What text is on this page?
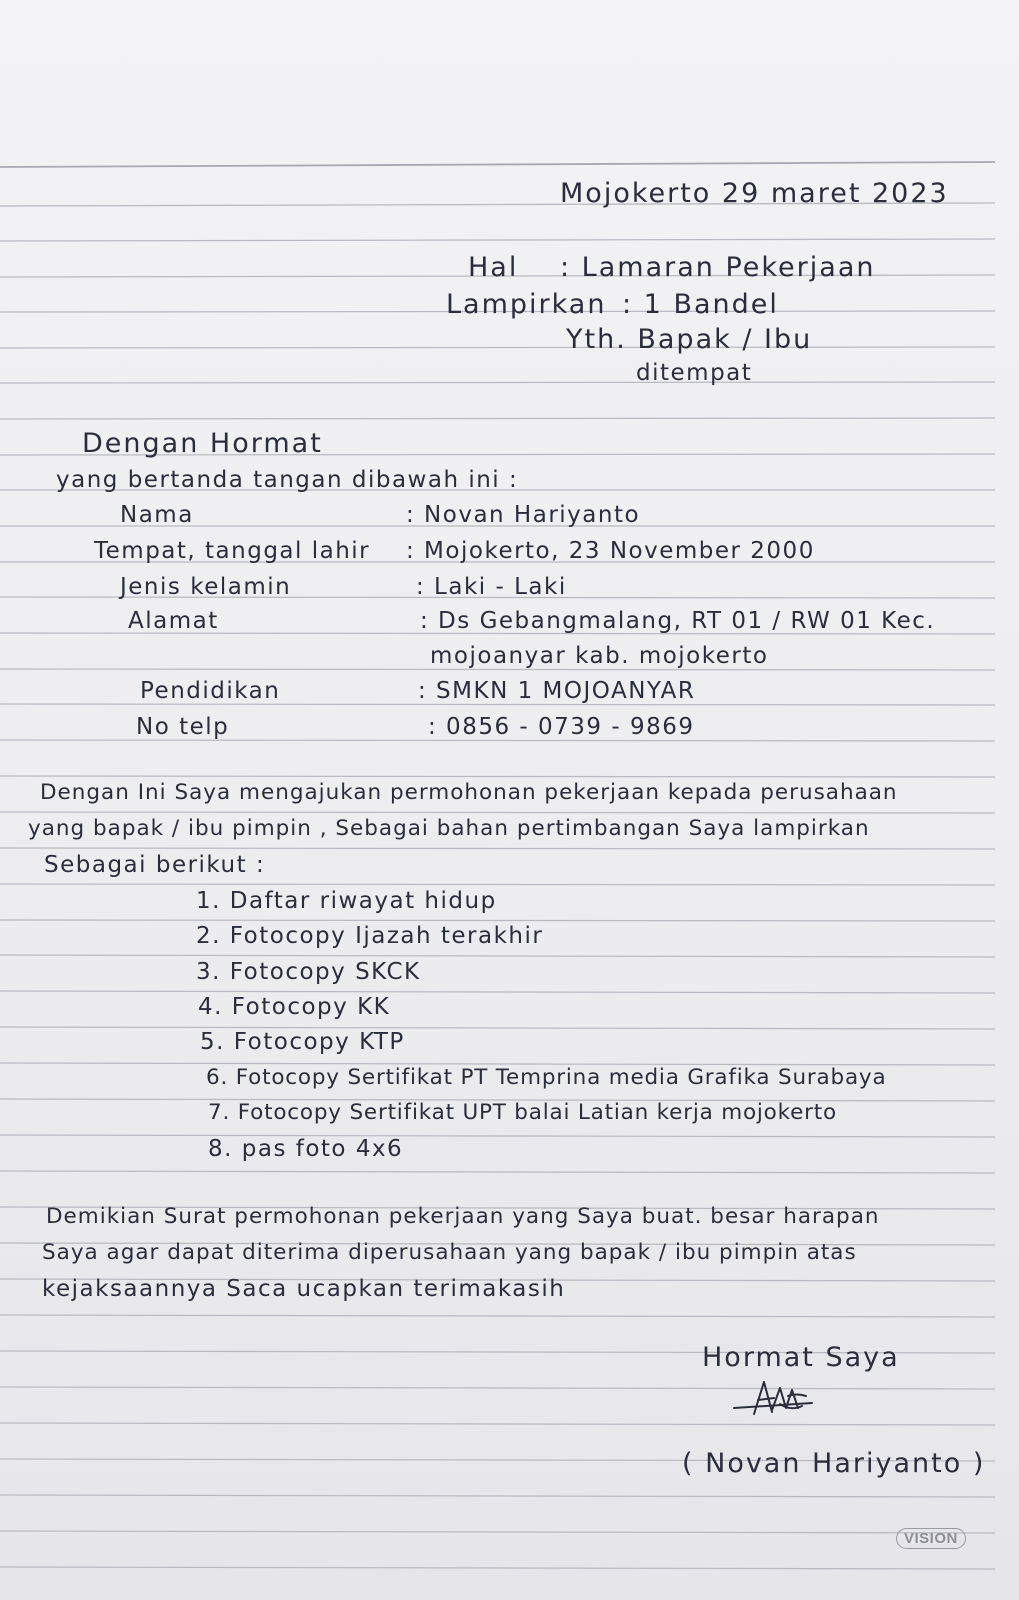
Mojokerto 29 maret 2023
Hal : Lamaran Pekerjaan
Lampirkan : 1 Bandel
Yth. Bapak / Ibu
ditempat
Dengan Hormat
yang bertanda tangan dibawah ini :
Nama	: Novan Hariyanto
Tempat, tanggal lahir : Mojokerto, 23 November 2000
Jenis kelamin	: Laki - Laki
Alamat	: Ds Gebangmalang, RT 01 / RW 01 Kec.
mojoanyar kab. mojokerto
Pendidikan	: SMKN 1 MOJOANYAR
No telp	: 0856 - 0739 - 9869
Dengan Ini Saya mengajukan permohonan pekerjaan kepada perusahaan
yang bapak / ibu pimpin , Sebagai bahan pertimbangan Saya lampirkan
Sebagai berikut :
1. Daftar riwayat hidup
2. Fotocopy Ijazah terakhir
3. Fotocopy SKCK
4. Fotocopy KK
5. Fotocopy KTP
6. Fotocopy Sertifikat PT Temprina media Grafika Surabaya
7. Fotocopy Sertifikat UPT balai Latian kerja mojokerto
8. pas foto 4x6
Demikian Surat permohonan pekerjaan yang Saya buat. besar harapan
Saya agar dapat diterima diperusahaan yang bapak / ibu pimpin atas
kejaksaannya Saca ucapkan terimakasih
Hormat Saya
( Novan Hariyanto )
VISION
